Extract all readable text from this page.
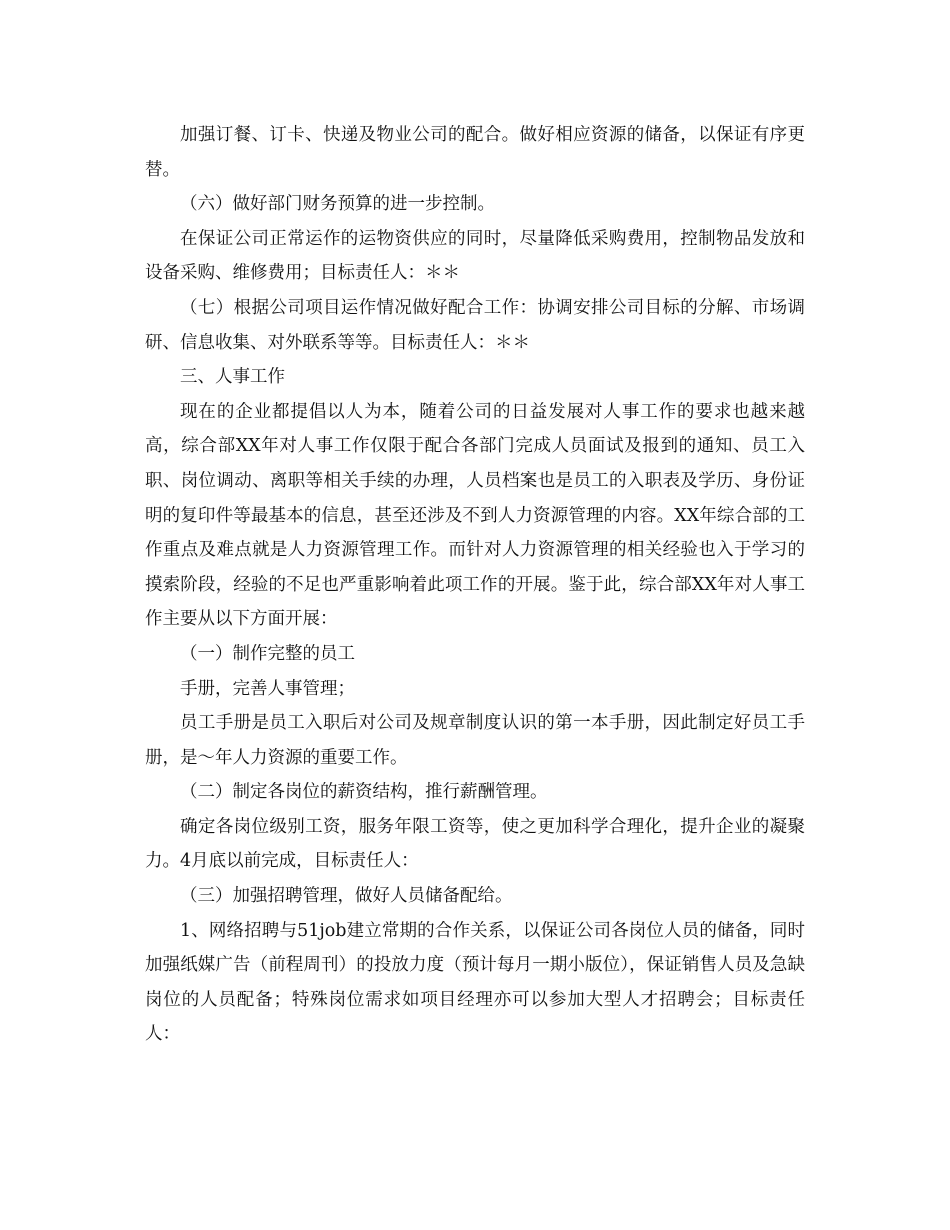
加强订餐、订卡、快递及物业公司的配合。做好相应资源的储备，以保证有序更替。

（六）做好部门财务预算的进一步控制。

在保证公司正常运作的运物资供应的同时，尽量降低采购费用，控制物品发放和设备采购、维修费用；目标责任人：＊＊

（七）根据公司项目运作情况做好配合工作：协调安排公司目标的分解、市场调研、信息收集、对外联系等等。目标责任人：＊＊

三、人事工作

现在的企业都提倡以人为本，随着公司的日益发展对人事工作的要求也越来越高，综合部XX年对人事工作仅限于配合各部门完成人员面试及报到的通知、员工入职、岗位调动、离职等相关手续的办理，人员档案也是员工的入职表及学历、身份证明的复印件等最基本的信息，甚至还涉及不到人力资源管理的内容。XX年综合部的工作重点及难点就是人力资源管理工作。而针对人力资源管理的相关经验也入于学习的摸索阶段，经验的不足也严重影响着此项工作的开展。鉴于此，综合部XX年对人事工作主要从以下方面开展：

（一）制作完整的员工

手册，完善人事管理；

员工手册是员工入职后对公司及规章制度认识的第一本手册，因此制定好员工手册，是～年人力资源的重要工作。

（二）制定各岗位的薪资结构，推行薪酬管理。

确定各岗位级别工资，服务年限工资等，使之更加科学合理化，提升企业的凝聚力。4月底以前完成，目标责任人：

（三）加强招聘管理，做好人员储备配给。

1、网络招聘与51job建立常期的合作关系，以保证公司各岗位人员的储备，同时加强纸媒广告（前程周刊）的投放力度（预计每月一期小版位），保证销售人员及急缺岗位的人员配备；特殊岗位需求如项目经理亦可以参加大型人才招聘会；目标责任人：
